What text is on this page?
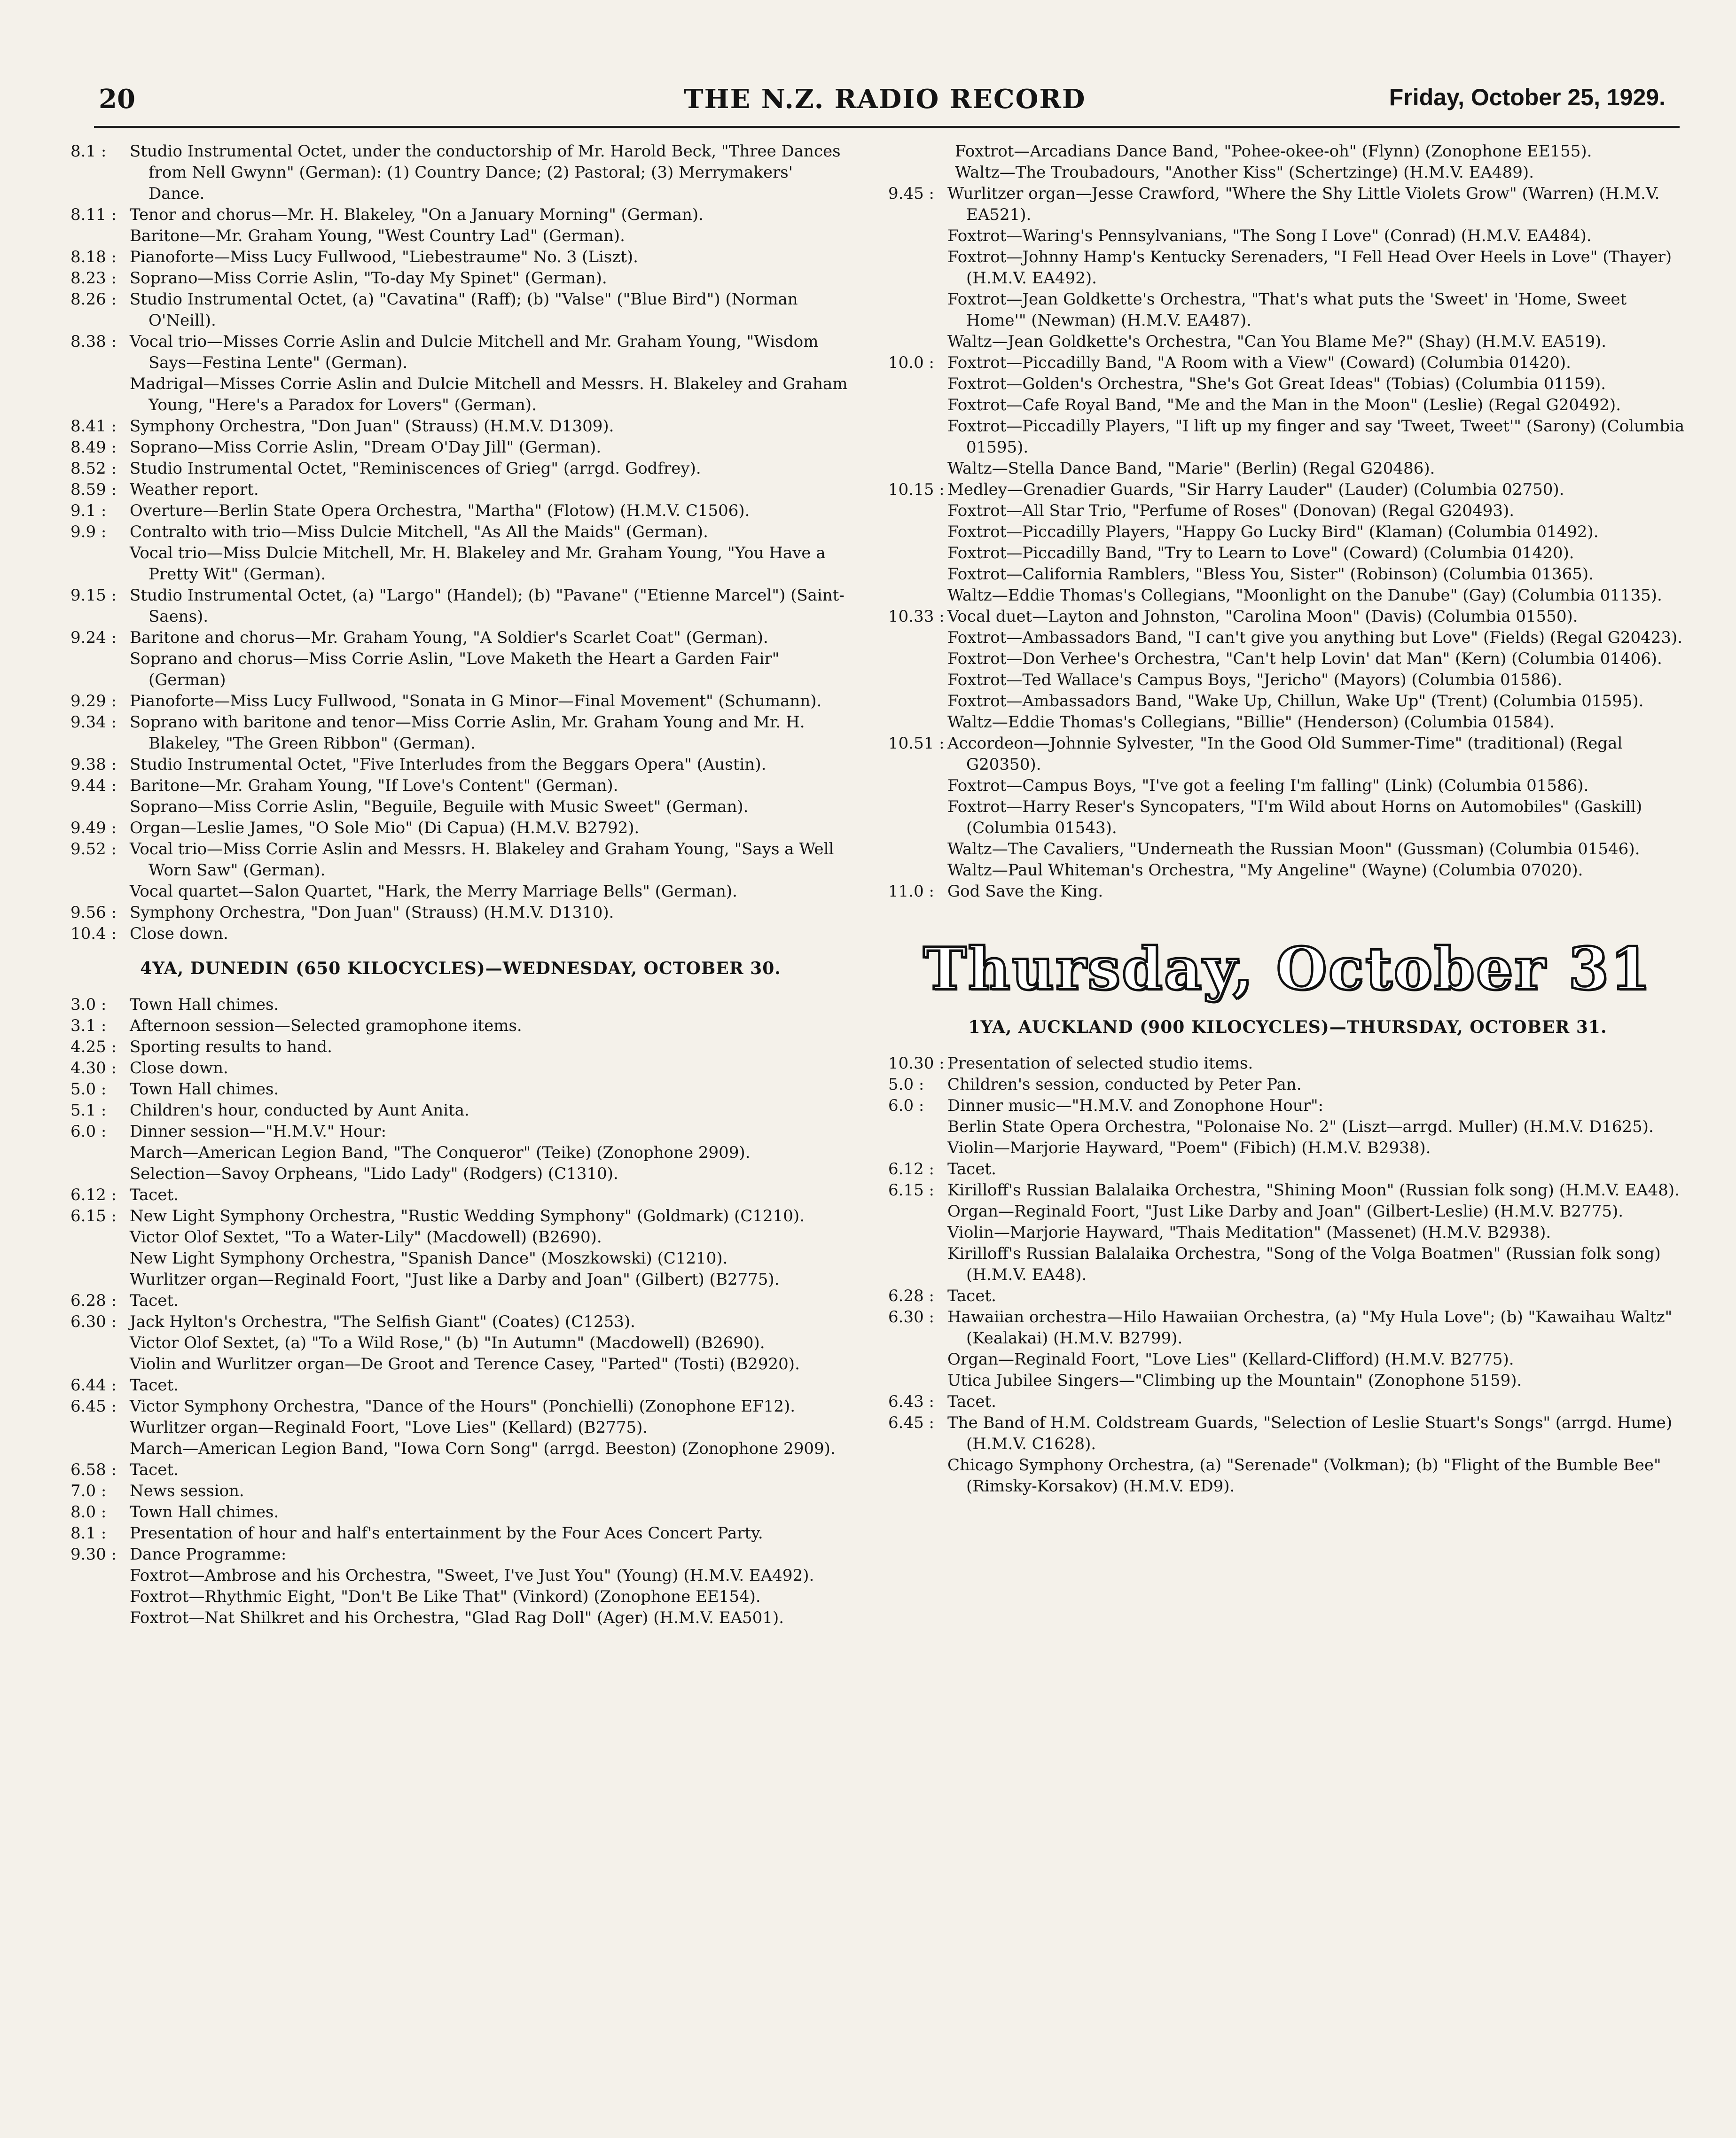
20	THE N.Z. RADIO RECORD	Friday, October 25, 1929.
8.1 :	Studio Instrumental Octet, under the conductorship of Mr. Harold Beck, "Three Dances from Nell Gwynn" (German): (1) Country Dance; (2) Pastoral; (3) Merrymakers' Dance.
8.11 : Tenor and chorus—Mr. H. Blakeley, "On a January Morning" (German).
Baritone—Mr. Graham Young, "West Country Lad" (German).
8.18 : Pianoforte—Miss Lucy Fullwood, "Liebestraume" No. 3 (Liszt).
8.23 : Soprano—Miss Corrie Aslin, "To-day My Spinet" (German).
8.26 : Studio Instrumental Octet, (a) "Cavatina" (Raff); (b) "Valse" ("Blue Bird") (Norman O'Neill).
8.38 : Vocal trio—Misses Corrie Aslin and Dulcie Mitchell and Mr. Graham Young, "Wisdom Says—Festina Lente" (German).
Madrigal—Misses Corrie Aslin and Dulcie Mitchell and Messrs. H. Blakeley and Graham Young, "Here's a Paradox for Lovers" (German).
8.41 : Symphony Orchestra, "Don Juan" (Strauss) (H.M.V. D1309).
8.49 : Soprano—Miss Corrie Aslin, "Dream O'Day Jill" (German).
8.52 : Studio Instrumental Octet, "Reminiscences of Grieg" (arrgd. Godfrey).
8.59 : Weather report.
9.1 :	Overture—Berlin State Opera Orchestra, "Martha" (Flotow) (H.M.V. C1506).
9.9 :	Contralto with trio—Miss Dulcie Mitchell, "As All the Maids" (German).
Vocal trio—Miss Dulcie Mitchell, Mr. H. Blakeley and Mr. Graham Young, "You Have a Pretty Wit" (German).
9.15 : Studio Instrumental Octet, (a) "Largo" (Handel); (b) "Pavane" ("Etienne Marcel") (Saint-Saens).
9.24 : Baritone and chorus—Mr. Graham Young, "A Soldier's Scarlet Coat" (German).
Soprano and chorus—Miss Corrie Aslin, "Love Maketh the Heart a Garden Fair" (German)
9.29 : Pianoforte—Miss Lucy Fullwood, "Sonata in G Minor—Final Movement" (Schumann).
9.34 : Soprano with baritone and tenor—Miss Corrie Aslin, Mr. Graham Young and Mr. H. Blakeley, "The Green Ribbon" (German).
9.38 : Studio Instrumental Octet, "Five Interludes from the Beggars Opera" (Austin).
9.44 : Baritone—Mr. Graham Young, "If Love's Content" (German).
Soprano—Miss Corrie Aslin, "Beguile, Beguile with Music Sweet" (German).
9.49 : Organ—Leslie James, "O Sole Mio" (Di Capua) (H.M.V. B2792).
9.52 : Vocal trio—Miss Corrie Aslin and Messrs. H. Blakeley and Graham Young, "Says a Well Worn Saw" (German).
Vocal quartet—Salon Quartet, "Hark, the Merry Marriage Bells" (German).
9.56 : Symphony Orchestra, "Don Juan" (Strauss) (H.M.V. D1310).
10.4 : Close down.
4YA, DUNEDIN (650 KILOCYCLES)—WEDNESDAY, OCTOBER 30.
3.0 :	Town Hall chimes.
3.1 :	Afternoon session—Selected gramophone items.
4.25 : Sporting results to hand.
4.30 : Close down.
5.0 :	Town Hall chimes.
5.1 :	Children's hour, conducted by Aunt Anita.
6.0 :	Dinner session—"H.M.V." Hour:
March—American Legion Band, "The Conqueror" (Teike) (Zonophone 2909).
Selection—Savoy Orpheans, "Lido Lady" (Rodgers) (C1310).
6.12 : Tacet.
6.15 : New Light Symphony Orchestra, "Rustic Wedding Symphony" (Goldmark) (C1210).
Victor Olof Sextet, "To a Water-Lily" (Macdowell) (B2690).
New Light Symphony Orchestra, "Spanish Dance" (Moszkowski) (C1210).
Wurlitzer organ—Reginald Foort, "Just like a Darby and Joan" (Gilbert) (B2775).
6.28 : Tacet.
6.30 : Jack Hylton's Orchestra, "The Selfish Giant" (Coates) (C1253).
Victor Olof Sextet, (a) "To a Wild Rose," (b) "In Autumn" (Macdowell) (B2690).
Violin and Wurlitzer organ—De Groot and Terence Casey, "Parted" (Tosti) (B2920).
6.44 : Tacet.
6.45 : Victor Symphony Orchestra, "Dance of the Hours" (Ponchielli) (Zonophone EF12).
Wurlitzer organ—Reginald Foort, "Love Lies" (Kellard) (B2775).
March—American Legion Band, "Iowa Corn Song" (arrgd. Beeston) (Zonophone 2909).
6.58 : Tacet.
7.0 :	News session.
8.0 :	Town Hall chimes.
8.1 :	Presentation of hour and half's entertainment by the Four Aces Concert Party.
9.30 : Dance Programme:
Foxtrot—Ambrose and his Orchestra, "Sweet, I've Just You" (Young) (H.M.V. EA492).
Foxtrot—Rhythmic Eight, "Don't Be Like That" (Vinkord) (Zonophone EE154).
Foxtrot—Nat Shilkret and his Orchestra, "Glad Rag Doll" (Ager) (H.M.V. EA501).
Foxtrot—Arcadians Dance Band, "Pohee-okee-oh" (Flynn) (Zonophone EE155).
Waltz—The Troubadours, "Another Kiss" (Schertzinge) (H.M.V. EA489).
9.45 : Wurlitzer organ—Jesse Crawford, "Where the Shy Little Violets Grow" (Warren) (H.M.V. EA521).
Foxtrot—Waring's Pennsylvanians, "The Song I Love" (Conrad) (H.M.V. EA484).
Foxtrot—Johnny Hamp's Kentucky Serenaders, "I Fell Head Over Heels in Love" (Thayer) (H.M.V. EA492).
Foxtrot—Jean Goldkette's Orchestra, "That's what puts the 'Sweet' in 'Home, Sweet Home'" (Newman) (H.M.V. EA487).
Waltz—Jean Goldkette's Orchestra, "Can You Blame Me?" (Shay) (H.M.V. EA519).
10.0 : Foxtrot—Piccadilly Band, "A Room with a View" (Coward) (Columbia 01420).
Foxtrot—Golden's Orchestra, "She's Got Great Ideas" (Tobias) (Columbia 01159).
Foxtrot—Cafe Royal Band, "Me and the Man in the Moon" (Leslie) (Regal G20492).
Foxtrot—Piccadilly Players, "I lift up my finger and say 'Tweet, Tweet'" (Sarony) (Columbia 01595).
Waltz—Stella Dance Band, "Marie" (Berlin) (Regal G20486).
10.15 : Medley—Grenadier Guards, "Sir Harry Lauder" (Lauder) (Columbia 02750).
Foxtrot—All Star Trio, "Perfume of Roses" (Donovan) (Regal G20493).
Foxtrot—Piccadilly Players, "Happy Go Lucky Bird" (Klaman) (Columbia 01492).
Foxtrot—Piccadilly Band, "Try to Learn to Love" (Coward) (Columbia 01420).
Foxtrot—California Ramblers, "Bless You, Sister" (Robinson) (Columbia 01365).
Waltz—Eddie Thomas's Collegians, "Moonlight on the Danube" (Gay) (Columbia 01135).
10.33 : Vocal duet—Layton and Johnston, "Carolina Moon" (Davis) (Columbia 01550).
Foxtrot—Ambassadors Band, "I can't give you anything but Love" (Fields) (Regal G20423).
Foxtrot—Don Verhee's Orchestra, "Can't help Lovin' dat Man" (Kern) (Columbia 01406).
Foxtrot—Ted Wallace's Campus Boys, "Jericho" (Mayors) (Columbia 01586).
Foxtrot—Ambassadors Band, "Wake Up, Chillun, Wake Up" (Trent) (Columbia 01595).
Waltz—Eddie Thomas's Collegians, "Billie" (Henderson) (Columbia 01584).
10.51 : Accordeon—Johnnie Sylvester, "In the Good Old Summer-Time" (traditional) (Regal G20350).
Foxtrot—Campus Boys, "I've got a feeling I'm falling" (Link) (Columbia 01586).
Foxtrot—Harry Reser's Syncopaters, "I'm Wild about Horns on Automobiles" (Gaskill) (Columbia 01543).
Waltz—The Cavaliers, "Underneath the Russian Moon" (Gussman) (Columbia 01546).
Waltz—Paul Whiteman's Orchestra, "My Angeline" (Wayne) (Columbia 07020).
11.0 : God Save the King.
Thursday, October 31
1YA, AUCKLAND (900 KILOCYCLES)—THURSDAY, OCTOBER 31.
10.30 : Presentation of selected studio items.
5.0 :	Children's session, conducted by Peter Pan.
6.0 :	Dinner music—"H.M.V. and Zonophone Hour":
Berlin State Opera Orchestra, "Polonaise No. 2" (Liszt—arrgd. Muller) (H.M.V. D1625).
Violin—Marjorie Hayward, "Poem" (Fibich) (H.M.V. B2938).
6.12 : Tacet.
6.15 : Kirilloff's Russian Balalaika Orchestra, "Shining Moon" (Russian folk song) (H.M.V. EA48).
Organ—Reginald Foort, "Just Like Darby and Joan" (Gilbert-Leslie) (H.M.V. B2775).
Violin—Marjorie Hayward, "Thais Meditation" (Massenet) (H.M.V. B2938).
Kirilloff's Russian Balalaika Orchestra, "Song of the Volga Boatmen" (Russian folk song) (H.M.V. EA48).
6.28 : Tacet.
6.30 : Hawaiian orchestra—Hilo Hawaiian Orchestra, (a) "My Hula Love"; (b) "Kawaihau Waltz" (Kealakai) (H.M.V. B2799).
Organ—Reginald Foort, "Love Lies" (Kellard-Clifford) (H.M.V. B2775).
Utica Jubilee Singers—"Climbing up the Mountain" (Zonophone 5159).
6.43 : Tacet.
6.45 : The Band of H.M. Coldstream Guards, "Selection of Leslie Stuart's Songs" (arrgd. Hume) (H.M.V. C1628).
Chicago Symphony Orchestra, (a) "Serenade" (Volkman); (b) "Flight of the Bumble Bee" (Rimsky-Korsakov) (H.M.V. ED9).
